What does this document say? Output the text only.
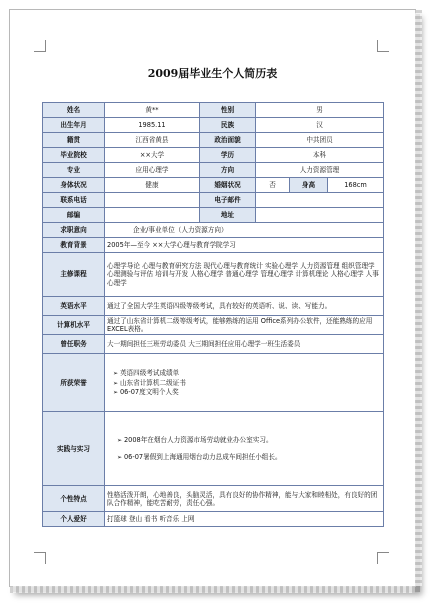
2009届毕业生个人简历表
姓名	黄**	性别	男		
出生年月	1985.11	民族	汉		
籍贯	江西省黄县	政治面貌	中共团员		
毕业院校	××大学	学历	本科		
专业	应用心理学	方向	人力资源管理		
身体状况	健康	婚姻状况	否	身高	168cm
联系电话		电子邮件			
邮编		地址			
求职意向	企业/事业单位（人力资源方向）				
教育背景	2005年—至今 ××大学心理与教育学院学习				
主修课程	心理学导论 心理与教育研究方法 现代心理与教育统计 实验心理学 人力资源管理 组织管理学 心理测验与评估 培训与开发 人格心理学 普通心理学 管理心理学 计算机理论 人格心理学 人事心理学				
英语水平	通过了全国大学生英语四级等级考试，具有较好的英语听、说、读、写能力。				
计算机水平	通过了山东省计算机二级等级考试，能够熟练的运用 Office系列办公软件，还能熟练的应用EXCEL表格。				
曾任职务	大一期间担任三班劳动委员 大三期间担任应用心理学一班生活委员				
所获荣誉	➢ 英语四级考试成绩单
➢ 山东省计算机二级证书
➢ 06-07度文明个人奖

实践与实习	➢ 2008年在烟台人力资源市场劳动就业办公室实习。
➢ 06-07暑假到上海通用烟台动力总成车间担任小组长。

个性特点	性格活泼开朗，心地善良，头脑灵活，具有良好的协作精神，能与大家和睦相处，有良好的团队合作精神，能吃苦耐劳，责任心强。				
个人爱好	打篮球 登山 看书 听音乐 上网				
